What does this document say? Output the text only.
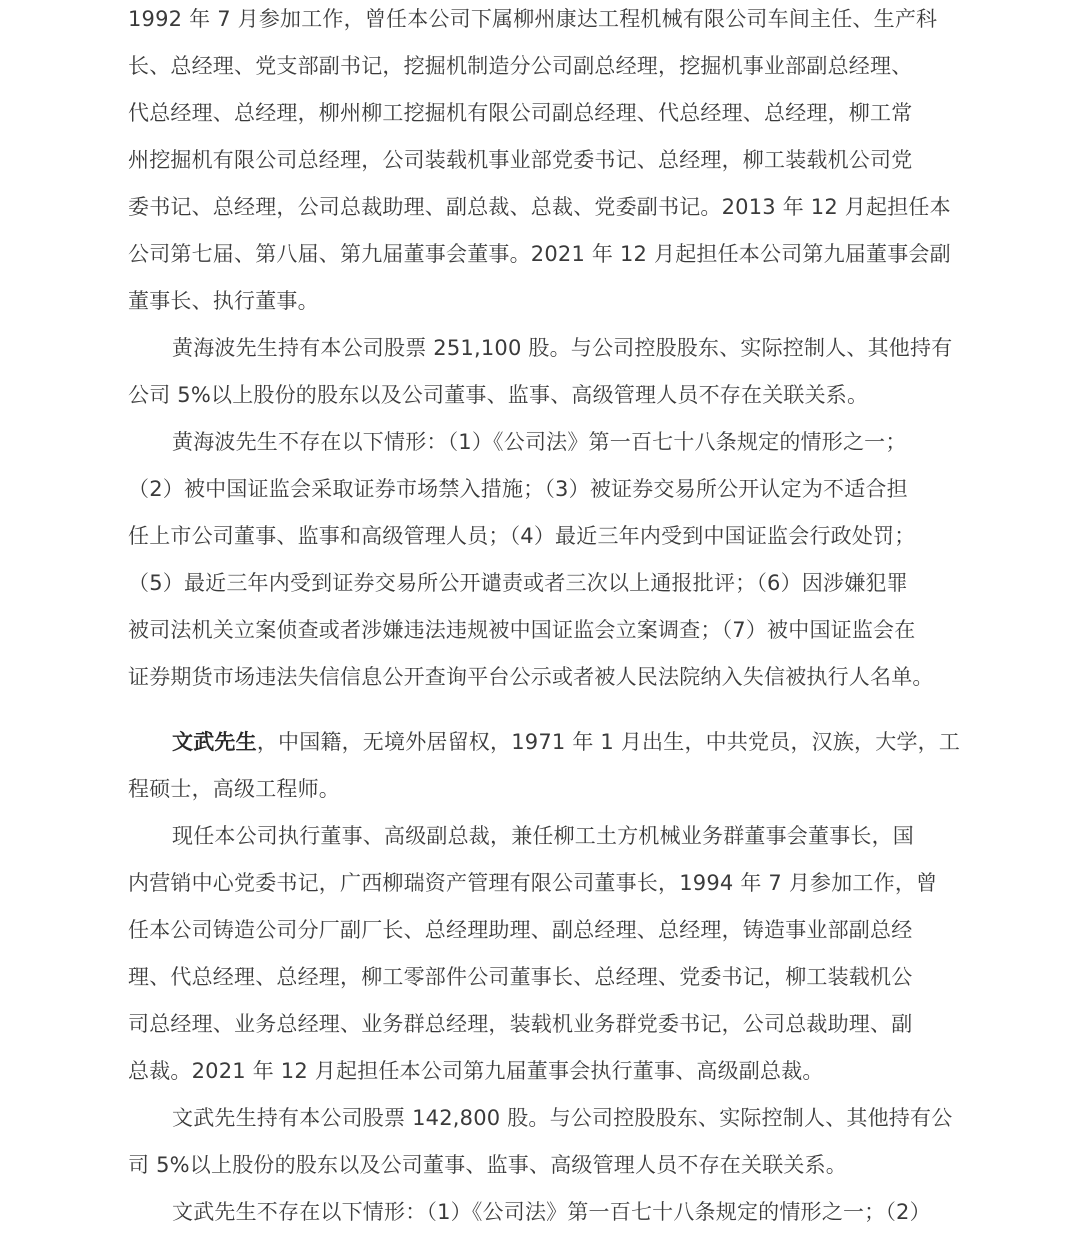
1992 年 7 月参加工作，曾任本公司下属柳州康达工程机械有限公司车间主任、生产科
长、总经理、党支部副书记，挖掘机制造分公司副总经理，挖掘机事业部副总经理、
代总经理、总经理，柳州柳工挖掘机有限公司副总经理、代总经理、总经理，柳工常
州挖掘机有限公司总经理，公司装载机事业部党委书记、总经理，柳工装载机公司党
委书记、总经理，公司总裁助理、副总裁、总裁、党委副书记。2013 年 12 月起担任本
公司第七届、第八届、第九届董事会董事。2021 年 12 月起担任本公司第九届董事会副
董事长、执行董事。
黄海波先生持有本公司股票 251,100 股。与公司控股股东、实际控制人、其他持有
公司 5%以上股份的股东以及公司董事、监事、高级管理人员不存在关联关系。
黄海波先生不存在以下情形：（1）《公司法》第一百七十八条规定的情形之一；
（2）被中国证监会采取证券市场禁入措施；（3）被证券交易所公开认定为不适合担
任上市公司董事、监事和高级管理人员；（4）最近三年内受到中国证监会行政处罚；
（5）最近三年内受到证券交易所公开谴责或者三次以上通报批评；（6）因涉嫌犯罪
被司法机关立案侦查或者涉嫌违法违规被中国证监会立案调查；（7）被中国证监会在
证券期货市场违法失信信息公开查询平台公示或者被人民法院纳入失信被执行人名单。
文武先生，中国籍，无境外居留权，1971 年 1 月出生，中共党员，汉族，大学，工
程硕士，高级工程师。
现任本公司执行董事、高级副总裁，兼任柳工土方机械业务群董事会董事长，国
内营销中心党委书记，广西柳瑞资产管理有限公司董事长，1994 年 7 月参加工作，曾
任本公司铸造公司分厂副厂长、总经理助理、副总经理、总经理，铸造事业部副总经
理、代总经理、总经理，柳工零部件公司董事长、总经理、党委书记，柳工装载机公
司总经理、业务总经理、业务群总经理，装载机业务群党委书记，公司总裁助理、副
总裁。2021 年 12 月起担任本公司第九届董事会执行董事、高级副总裁。
文武先生持有本公司股票 142,800 股。与公司控股股东、实际控制人、其他持有公
司 5%以上股份的股东以及公司董事、监事、高级管理人员不存在关联关系。
文武先生不存在以下情形：（1）《公司法》第一百七十八条规定的情形之一；（2）
